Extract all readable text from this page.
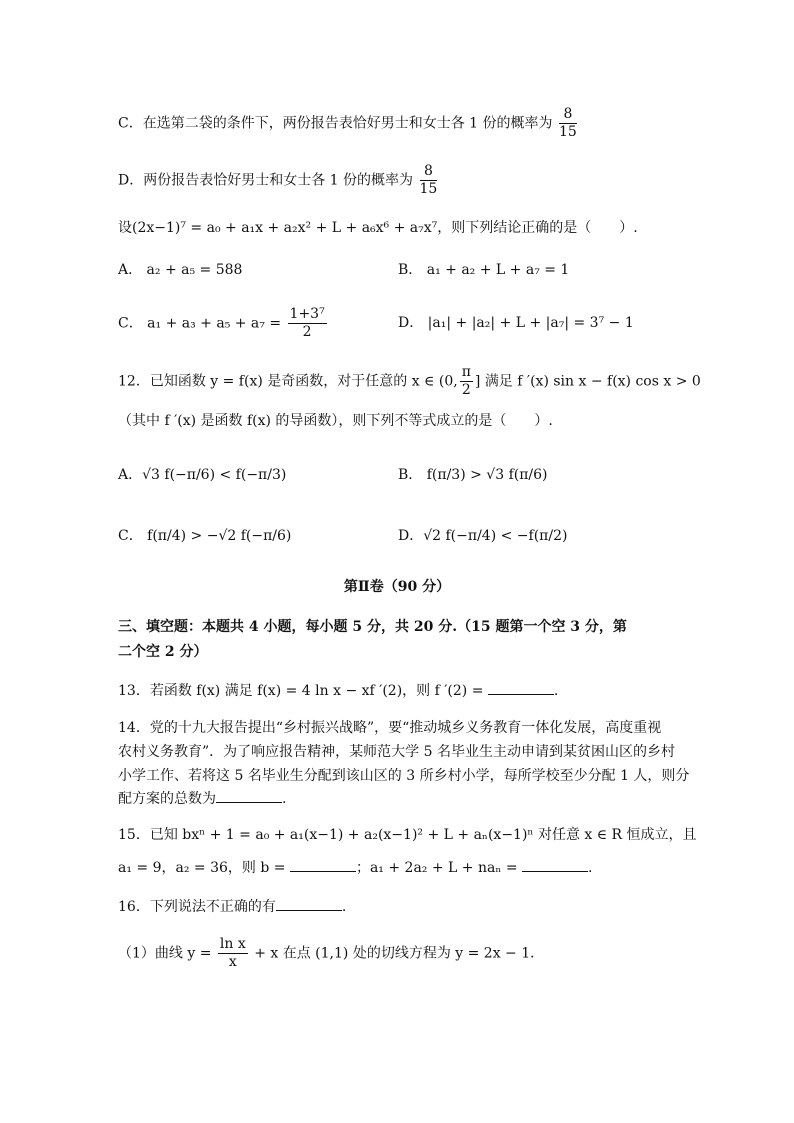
C．在选第二袋的条件下，两份报告表恰好男士和女士各 1 份的概率为 $\frac{8}{15}$
D．两份报告表恰好男士和女士各 1 份的概率为 $\frac{8}{15}$
设(2x−1)⁷ = a₀ + a₁x + a₂x² + L + a₆x⁶ + a₇x⁷，则下列结论正确的是（　　）.
A． a₂ + a₅ = 588	B． a₁ + a₂ + L + a₇ = 1
C． $a_1 + a_3 + a_5 + a_7 = \frac{\text{1+3⁷}}{2}$	D． |a₁| + |a₂| + L + |a₇| = 3⁷ − 1
12．已知函数 y = f(x) 是奇函数，对于任意的 x ∈ (0, $\frac{\pi}{2}$ ] 满足 f ′(x) sin x − f(x) cos x > 0
（其中 f ′(x) 是函数 f(x) 的导函数），则下列不等式成立的是（　　）.
A．√3 f(−π/6) < f(−π/3)	B． f(π/3) > √3 f(π/6)
C． f(π/4) > −√2 f(−π/6)	D．√2 f(−π/4) < −f(π/2)
第Ⅱ卷（90 分）
三、填空题：本题共 4 小题，每小题 5 分，共 20 分.（15 题第一个空 3 分，第
二个空 2 分）
13．若函数 f(x) 满足 f(x) = 4 ln x − xf ′(2)，则 f ′(2) =	.
14．党的十九大报告提出“乡村振兴战略”，要“推动城乡义务教育一体化发展，高度重视
农村义务教育”．为了响应报告精神，某师范大学 5 名毕业生主动申请到某贫困山区的乡村
小学工作、若将这 5 名毕业生分配到该山区的 3 所乡村小学，每所学校至少分配 1 人，则分
配方案的总数为	.
15．已知 bxⁿ + 1 = a₀ + a₁(x−1) + a₂(x−1)² + L + aₙ(x−1)ⁿ 对任意 x ∈ R 恒成立，且
a₁ = 9，a₂ = 36，则 b =	；a₁ + 2a₂ + L + naₙ =	.
16．下列说法不正确的有	.
（1）曲线 $y = \frac{\text{ln x}}{x} + x$ 在点 (1,1) 处的切线方程为 y = 2x − 1．
